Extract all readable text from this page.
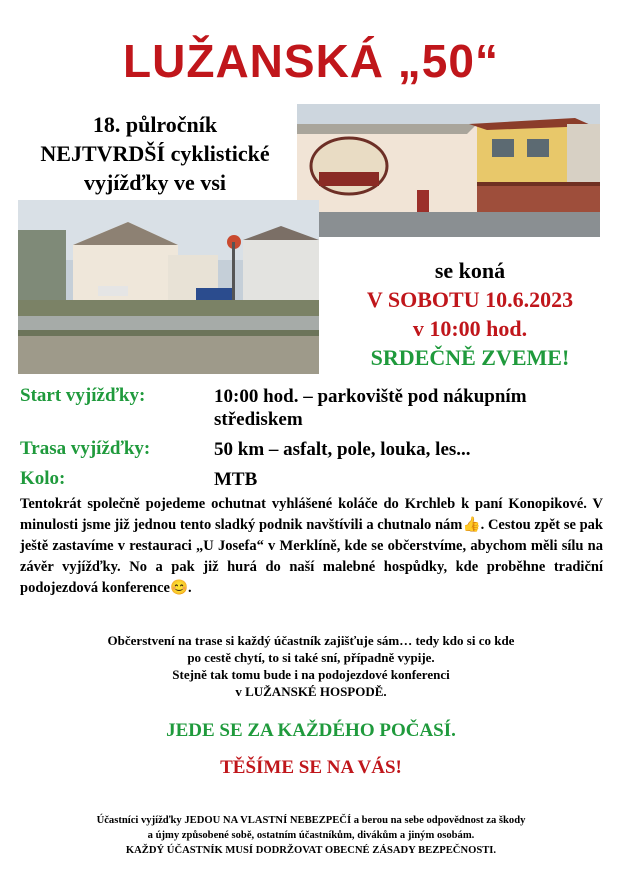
LUŽANSKÁ „50“
18. půlročník
NEJTVRDŠÍ cyklistické
vyjížďky ve vsi
se koná
V SOBOTU 10.6.2023
v 10:00 hod.
SRDEČNĚ ZVEME!
Start vyjížďky:	10:00 hod. – parkoviště pod nákupním
střediskem
Trasa vyjížďky:	50 km – asfalt, pole, louka, les...
Kolo:	MTB
Tentokrát společně pojedeme ochutnat vyhlášené koláče do Krchleb k paní Konopikové. V minulosti jsme již jednou tento sladký podnik navštívili a chutnalo nám👍. Cestou zpět se pak ještě zastavíme v restauraci „U Josefa“ v Merklíně, kde se občerstvíme, abychom měli sílu na závěr vyjížďky. No a pak již hurá do naší malebné hospůdky, kde proběhne tradiční podojezdová konference😊.
Občerstvení na trase si každý účastník zajišťuje sám… tedy kdo si co kde
po cestě chytí, to si také sní, případně vypije.
Stejně tak tomu bude i na podojezdové konferenci
v LUŽANSKÉ HOSPODĚ.
JEDE SE ZA KAŽDÉHO POČASÍ.
TĚŠÍME SE NA VÁS!
Účastníci vyjížďky JEDOU NA VLASTNÍ NEBEZPEČÍ a berou na sebe odpovědnost za škody
a újmy způsobené sobě, ostatním účastníkům, divákům a jiným osobám.
KAŽDÝ ÚČASTNÍK MUSÍ DODRŽOVAT OBECNÉ ZÁSADY BEZPEČNOSTI.
